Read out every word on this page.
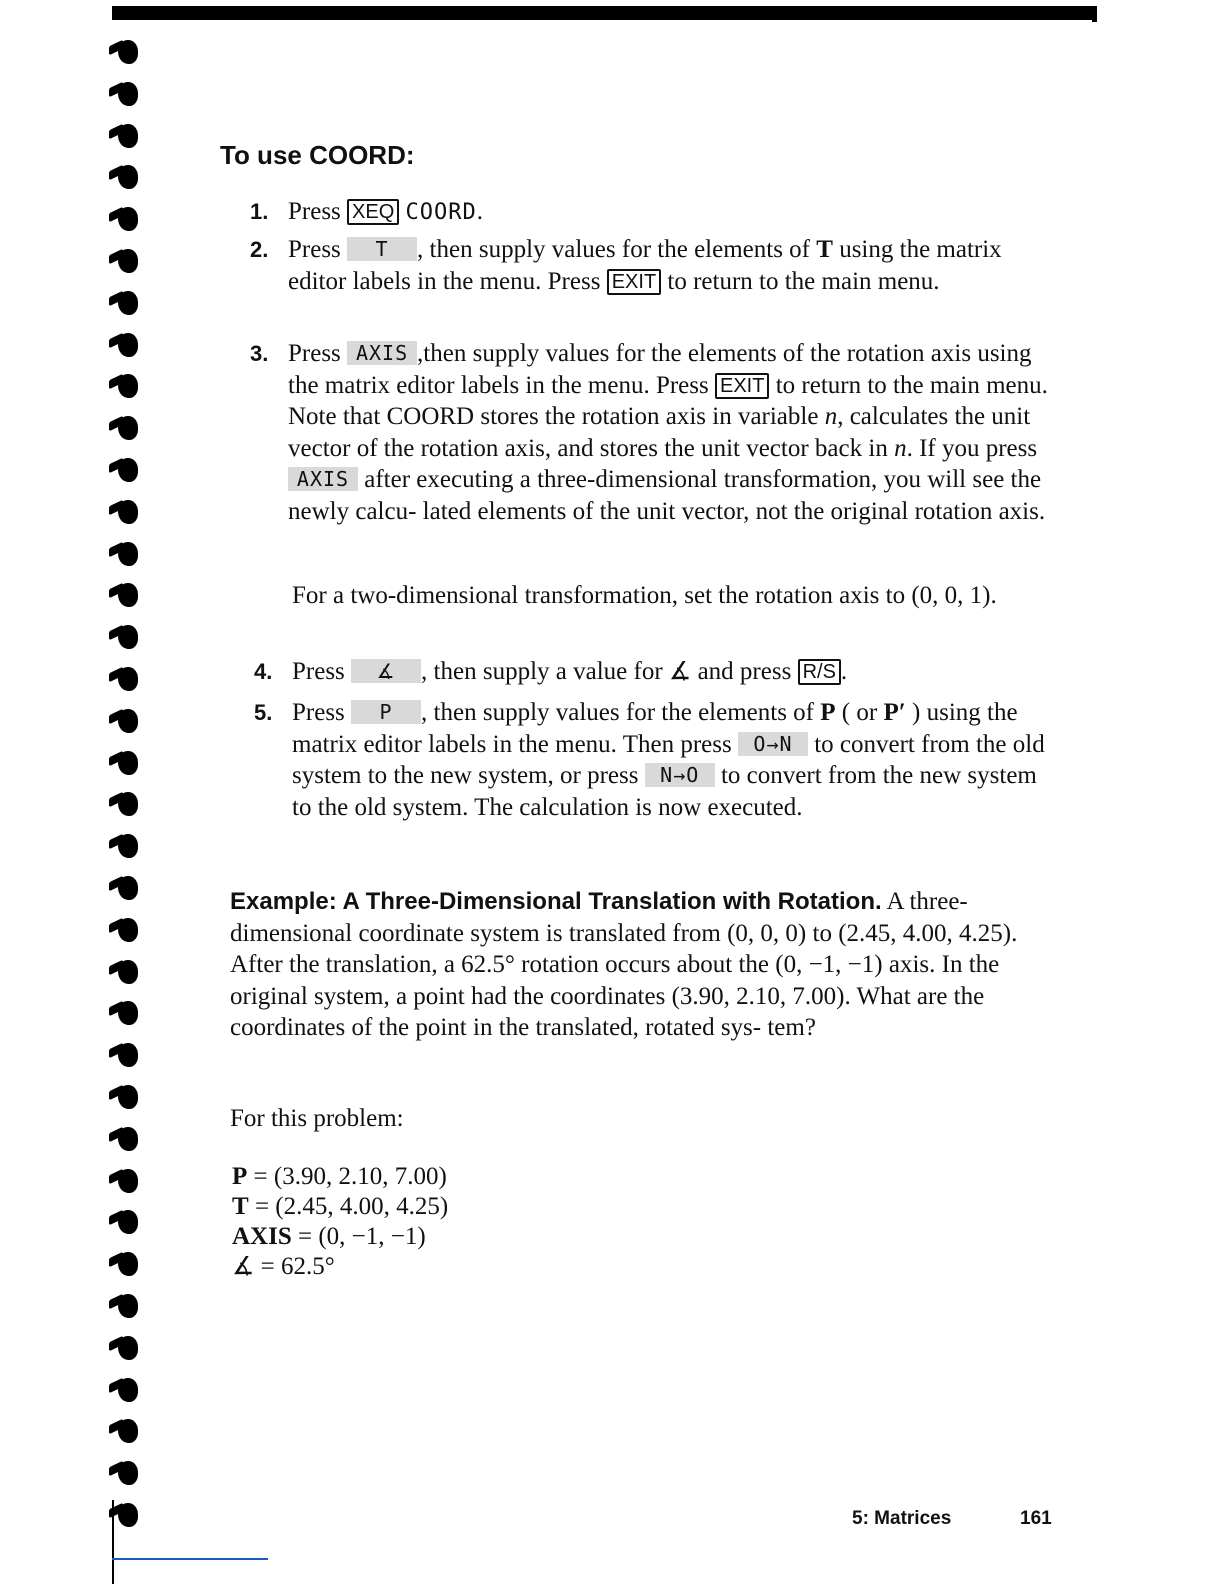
To use COORD:
1. Press XEQ COORD.
2. Press T , then supply values for the elements of T using the matrix editor labels in the menu. Press EXIT to return to the main menu.
3. Press AXIS ,then supply values for the elements of the rotation axis using the matrix editor labels in the menu. Press EXIT to return to the main menu. Note that COORD stores the rotation axis in variable n, calculates the unit vector of the rotation axis, and stores the unit vector back in n. If you press AXIS after executing a three-dimensional transformation, you will see the newly calcu- lated elements of the unit vector, not the original rotation axis.
For a two-dimensional transformation, set the rotation axis to (0, 0, 1).
4. Press ∡ , then supply a value for ∡ and press R/S .
5. Press P , then supply values for the elements of P ( or P′ ) using the matrix editor labels in the menu. Then press O→N to convert from the old system to the new system, or press N→O to convert from the new system to the old system. The calculation is now executed.
Example: A Three-Dimensional Translation with Rotation. A three-dimensional coordinate system is translated from (0, 0, 0) to (2.45, 4.00, 4.25). After the translation, a 62.5° rotation occurs about the (0, −1, −1) axis. In the original system, a point had the coordinates (3.90, 2.10, 7.00). What are the coordinates of the point in the translated, rotated sys- tem?
For this problem:
P = (3.90, 2.10, 7.00)
T = (2.45, 4.00, 4.25)
AXIS = (0, −1, −1)
∡ = 62.5°
5: Matrices	161
